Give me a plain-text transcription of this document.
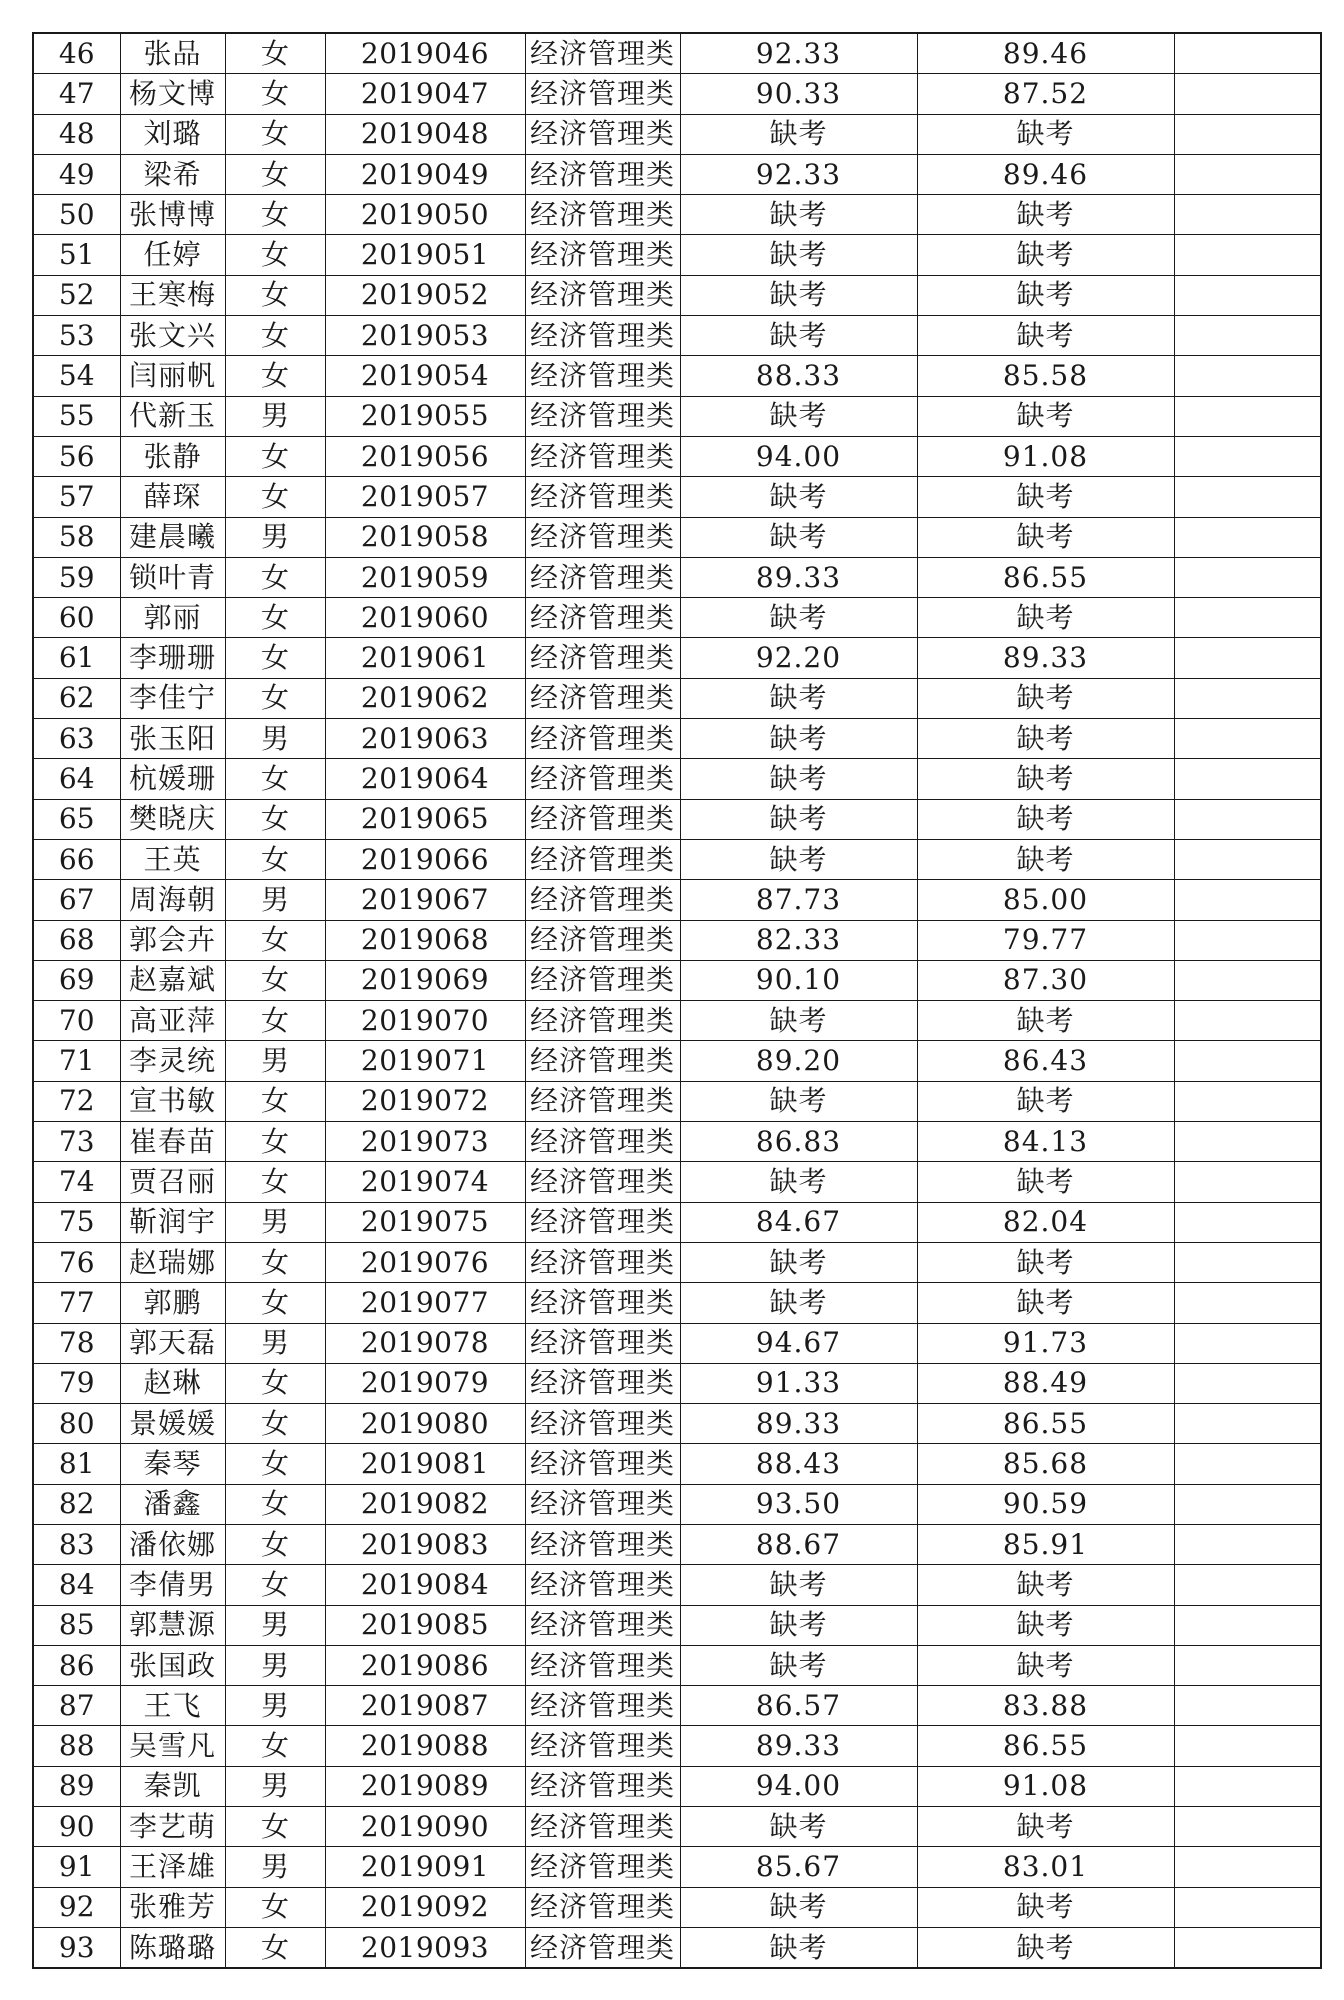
46	张品	女	2019046	经济管理类	92.33	89.46	
47	杨文博	女	2019047	经济管理类	90.33	87.52	
48	刘璐	女	2019048	经济管理类	缺考	缺考	
49	梁希	女	2019049	经济管理类	92.33	89.46	
50	张博博	女	2019050	经济管理类	缺考	缺考	
51	任婷	女	2019051	经济管理类	缺考	缺考	
52	王寒梅	女	2019052	经济管理类	缺考	缺考	
53	张文兴	女	2019053	经济管理类	缺考	缺考	
54	闫丽帆	女	2019054	经济管理类	88.33	85.58	
55	代新玉	男	2019055	经济管理类	缺考	缺考	
56	张静	女	2019056	经济管理类	94.00	91.08	
57	薛琛	女	2019057	经济管理类	缺考	缺考	
58	建晨曦	男	2019058	经济管理类	缺考	缺考	
59	锁叶青	女	2019059	经济管理类	89.33	86.55	
60	郭丽	女	2019060	经济管理类	缺考	缺考	
61	李珊珊	女	2019061	经济管理类	92.20	89.33	
62	李佳宁	女	2019062	经济管理类	缺考	缺考	
63	张玉阳	男	2019063	经济管理类	缺考	缺考	
64	杭媛珊	女	2019064	经济管理类	缺考	缺考	
65	樊晓庆	女	2019065	经济管理类	缺考	缺考	
66	王英	女	2019066	经济管理类	缺考	缺考	
67	周海朝	男	2019067	经济管理类	87.73	85.00	
68	郭会卉	女	2019068	经济管理类	82.33	79.77	
69	赵嘉斌	女	2019069	经济管理类	90.10	87.30	
70	高亚萍	女	2019070	经济管理类	缺考	缺考	
71	李灵统	男	2019071	经济管理类	89.20	86.43	
72	宣书敏	女	2019072	经济管理类	缺考	缺考	
73	崔春苗	女	2019073	经济管理类	86.83	84.13	
74	贾召丽	女	2019074	经济管理类	缺考	缺考	
75	靳润宇	男	2019075	经济管理类	84.67	82.04	
76	赵瑞娜	女	2019076	经济管理类	缺考	缺考	
77	郭鹏	女	2019077	经济管理类	缺考	缺考	
78	郭天磊	男	2019078	经济管理类	94.67	91.73	
79	赵琳	女	2019079	经济管理类	91.33	88.49	
80	景媛媛	女	2019080	经济管理类	89.33	86.55	
81	秦琴	女	2019081	经济管理类	88.43	85.68	
82	潘鑫	女	2019082	经济管理类	93.50	90.59	
83	潘依娜	女	2019083	经济管理类	88.67	85.91	
84	李倩男	女	2019084	经济管理类	缺考	缺考	
85	郭慧源	男	2019085	经济管理类	缺考	缺考	
86	张国政	男	2019086	经济管理类	缺考	缺考	
87	王飞	男	2019087	经济管理类	86.57	83.88	
88	吴雪凡	女	2019088	经济管理类	89.33	86.55	
89	秦凯	男	2019089	经济管理类	94.00	91.08	
90	李艺萌	女	2019090	经济管理类	缺考	缺考	
91	王泽雄	男	2019091	经济管理类	85.67	83.01	
92	张雅芳	女	2019092	经济管理类	缺考	缺考	
93	陈璐璐	女	2019093	经济管理类	缺考	缺考	
